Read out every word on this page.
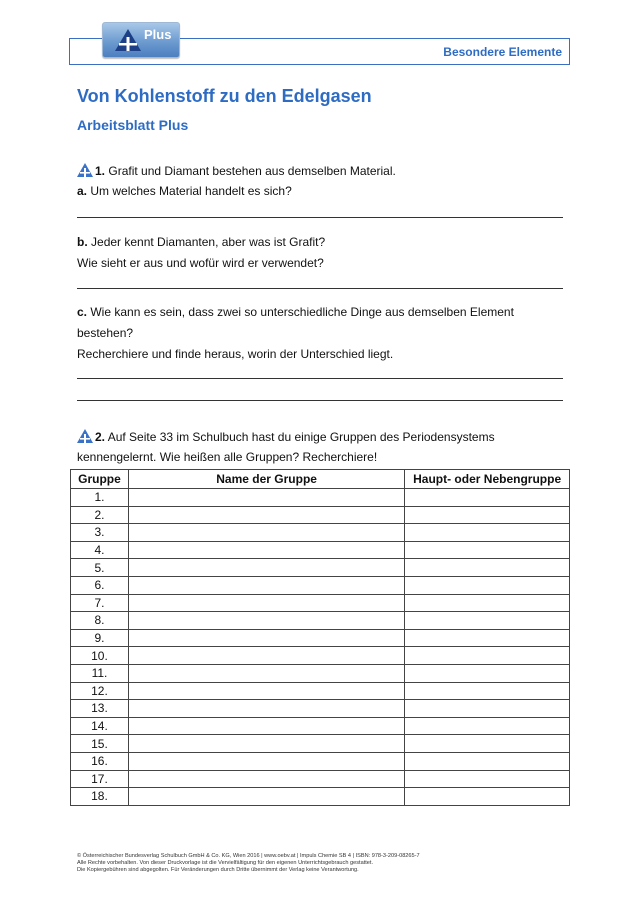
Besondere Elemente
Plus
Von Kohlenstoff zu den Edelgasen
Arbeitsblatt Plus
1. Grafit und Diamant bestehen aus demselben Material.
a. Um welches Material handelt es sich?
b. Jeder kennt Diamanten, aber was ist Grafit?
Wie sieht er aus und wofür wird er verwendet?
c. Wie kann es sein, dass zwei so unterschiedliche Dinge aus demselben Element
bestehen?
Recherchiere und finde heraus, worin der Unterschied liegt.
2. Auf Seite 33 im Schulbuch hast du einige Gruppen des Periodensystems
kennengelernt. Wie heißen alle Gruppen? Recherchiere!
Gruppe	Name der Gruppe	Haupt- oder Nebengruppe
1.		
2.		
3.		
4.		
5.		
6.		
7.		
8.		
9.		
10.		
11.		
12.		
13.		
14.		
15.		
16.		
17.		
18.		
© Österreichischer Bundesverlag Schulbuch GmbH & Co. KG, Wien 2016 | www.oebv.at | Impuls Chemie SB 4 | ISBN: 978-3-209-08265-7
Alle Rechte vorbehalten. Von dieser Druckvorlage ist die Vervielfältigung für den eigenen Unterrichtsgebrauch gestattet.
Die Kopiergebühren sind abgegolten. Für Veränderungen durch Dritte übernimmt der Verlag keine Verantwortung.
